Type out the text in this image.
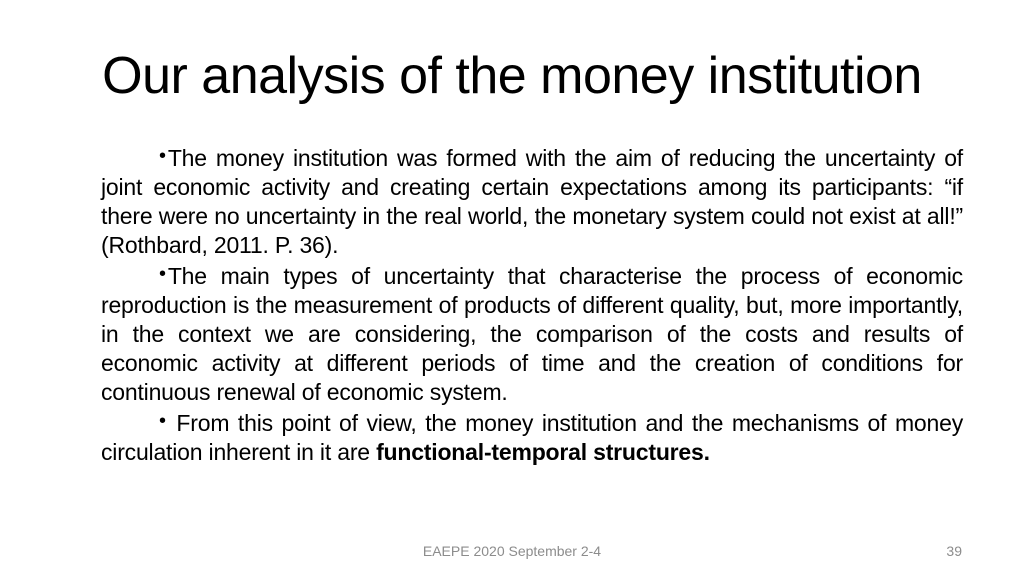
Our analysis of the money institution

•The money institution was formed with the aim of reducing the uncertainty of joint economic activity and creating certain expectations among its participants: “if there were no uncertainty in the real world, the monetary system could not exist at all!” (Rothbard, 2011. P. 36).

•The main types of uncertainty that characterise the process of economic reproduction is the measurement of products of different quality, but, more importantly, in the context we are considering, the comparison of the costs and results of economic activity at different periods of time and the creation of conditions for continuous renewal of economic system.

• From this point of view, the money institution and the mechanisms of money circulation inherent in it are functional-temporal structures.

EAEPE 2020 September 2-4	39
